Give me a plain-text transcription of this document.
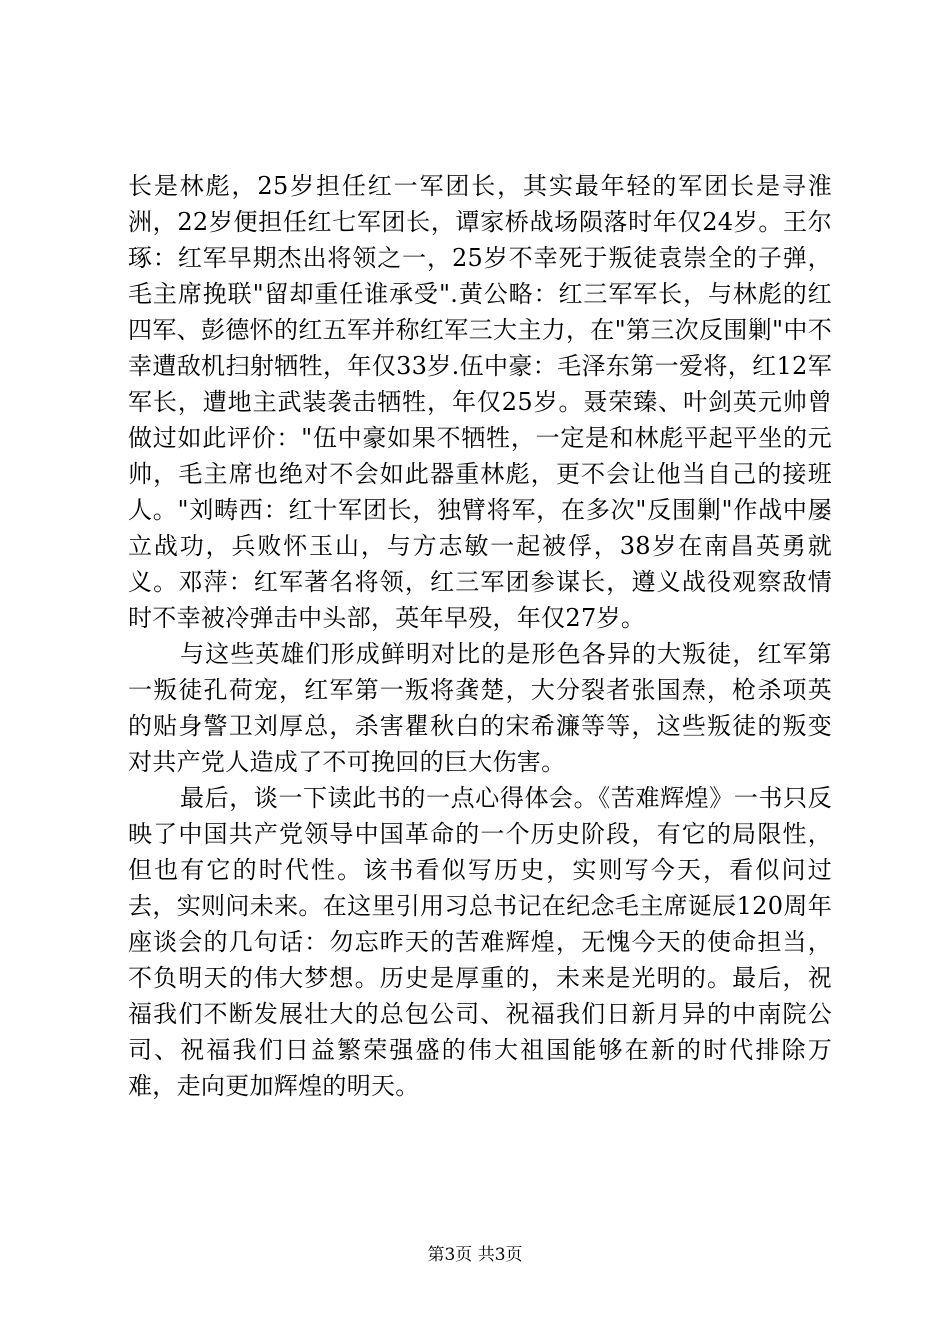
长是林彪，25岁担任红一军团长，其实最年轻的军团长是寻淮洲，22岁便担任红七军团长，谭家桥战场陨落时年仅24岁。王尔琢：红军早期杰出将领之一，25岁不幸死于叛徒袁崇全的子弹，毛主席挽联"留却重任谁承受".黄公略：红三军军长，与林彪的红四军、彭德怀的红五军并称红军三大主力，在"第三次反围剿"中不幸遭敌机扫射牺牲，年仅33岁.伍中豪：毛泽东第一爱将，红12军军长，遭地主武装袭击牺牲，年仅25岁。聂荣臻、叶剑英元帅曾做过如此评价："伍中豪如果不牺牲，一定是和林彪平起平坐的元帅，毛主席也绝对不会如此器重林彪，更不会让他当自己的接班人。"刘畴西：红十军团长，独臂将军，在多次"反围剿"作战中屡立战功，兵败怀玉山，与方志敏一起被俘，38岁在南昌英勇就义。邓萍：红军著名将领，红三军团参谋长，遵义战役观察敌情时不幸被冷弹击中头部，英年早殁，年仅27岁。

与这些英雄们形成鲜明对比的是形色各异的大叛徒，红军第一叛徒孔荷宠，红军第一叛将龚楚，大分裂者张国焘，枪杀项英的贴身警卫刘厚总，杀害瞿秋白的宋希濂等等，这些叛徒的叛变对共产党人造成了不可挽回的巨大伤害。

最后，谈一下读此书的一点心得体会。《苦难辉煌》一书只反映了中国共产党领导中国革命的一个历史阶段，有它的局限性，但也有它的时代性。该书看似写历史，实则写今天，看似问过去，实则问未来。在这里引用习总书记在纪念毛主席诞辰120周年座谈会的几句话：勿忘昨天的苦难辉煌，无愧今天的使命担当，不负明天的伟大梦想。历史是厚重的，未来是光明的。最后，祝福我们不断发展壮大的总包公司、祝福我们日新月异的中南院公司、祝福我们日益繁荣强盛的伟大祖国能够在新的时代排除万难，走向更加辉煌的明天。

第3页 共3页
